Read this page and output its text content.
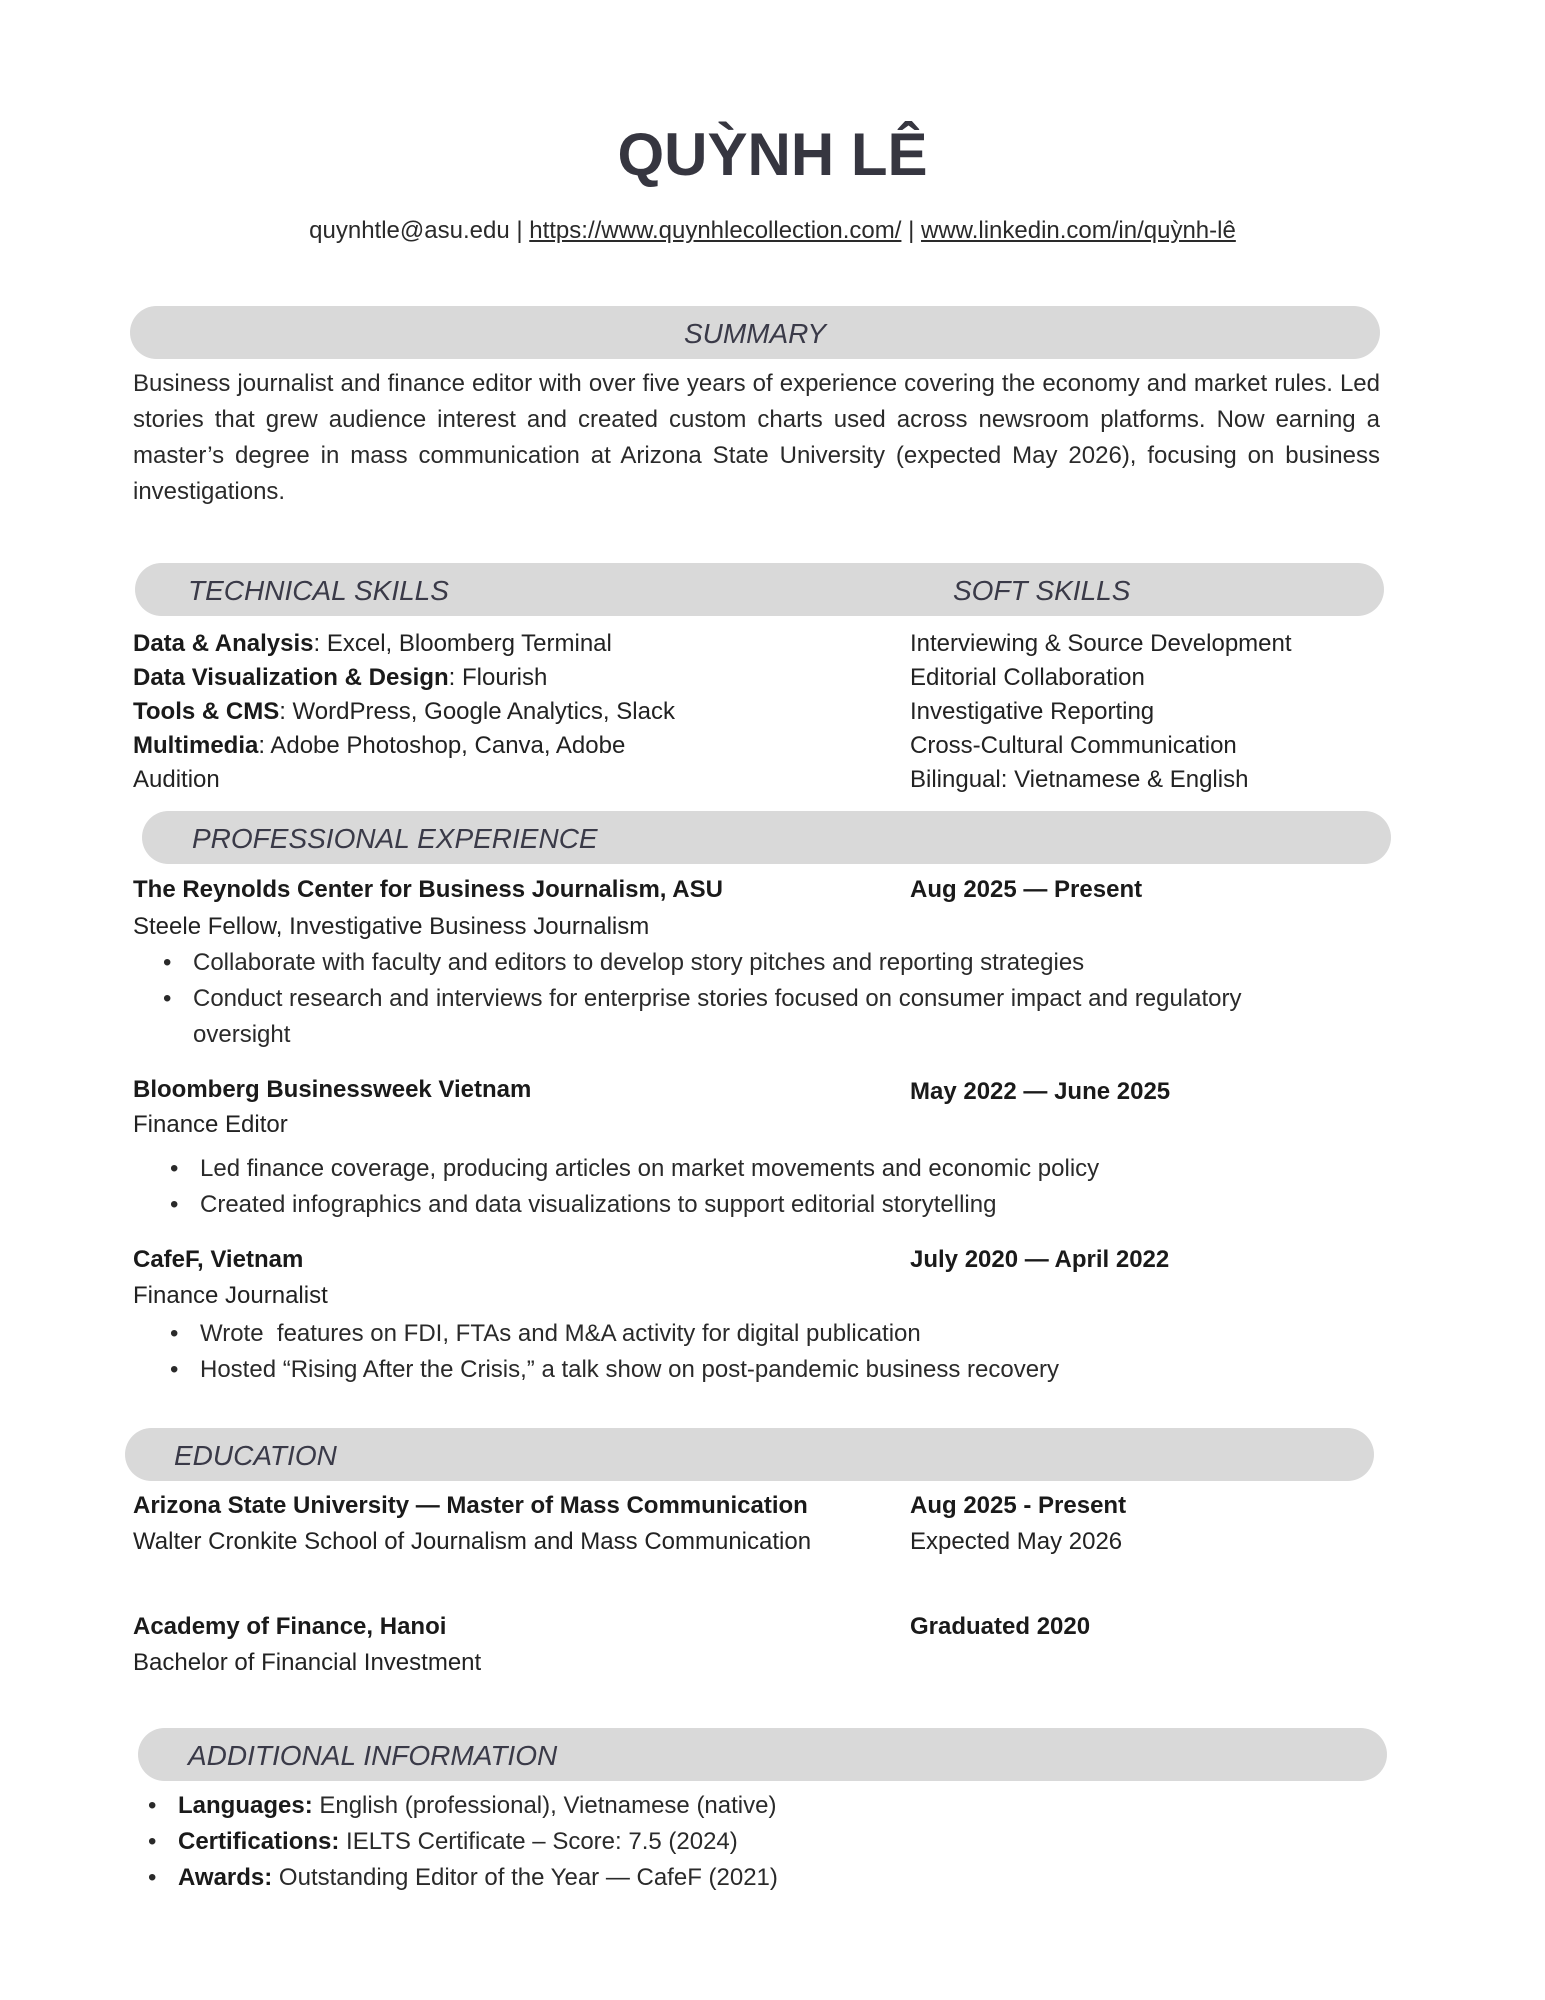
QUỲNH LÊ
quynhtle@asu.edu | https://www.quynhlecollection.com/ | www.linkedin.com/in/quỳnh-lê
SUMMARY
Business journalist and finance editor with over five years of experience covering the economy and market rules. Led stories that grew audience interest and created custom charts used across newsroom platforms. Now earning a master’s degree in mass communication at Arizona State University (expected May 2026), focusing on business investigations.
TECHNICAL SKILLS	SOFT SKILLS
Data & Analysis: Excel, Bloomberg Terminal
Data Visualization & Design: Flourish
Tools & CMS: WordPress, Google Analytics, Slack
Multimedia: Adobe Photoshop, Canva, Adobe
Audition
Interviewing & Source Development
Editorial Collaboration
Investigative Reporting
Cross-Cultural Communication
Bilingual: Vietnamese & English
PROFESSIONAL EXPERIENCE
The Reynolds Center for Business Journalism, ASU	Aug 2025 — Present
Steele Fellow, Investigative Business Journalism
• Collaborate with faculty and editors to develop story pitches and reporting strategies
• Conduct research and interviews for enterprise stories focused on consumer impact and regulatory
oversight
Bloomberg Businessweek Vietnam	May 2022 — June 2025
Finance Editor
• Led finance coverage, producing articles on market movements and economic policy
• Created infographics and data visualizations to support editorial storytelling
CafeF, Vietnam	July 2020 — April 2022
Finance Journalist
• Wrote  features on FDI, FTAs and M&A activity for digital publication
• Hosted “Rising After the Crisis,” a talk show on post-pandemic business recovery
EDUCATION
Arizona State University — Master of Mass Communication	Aug 2025 - Present
Walter Cronkite School of Journalism and Mass Communication	Expected May 2026
Academy of Finance, Hanoi	Graduated 2020
Bachelor of Financial Investment
ADDITIONAL INFORMATION
• Languages: English (professional), Vietnamese (native)
• Certifications: IELTS Certificate – Score: 7.5 (2024)
• Awards: Outstanding Editor of the Year — CafeF (2021)
